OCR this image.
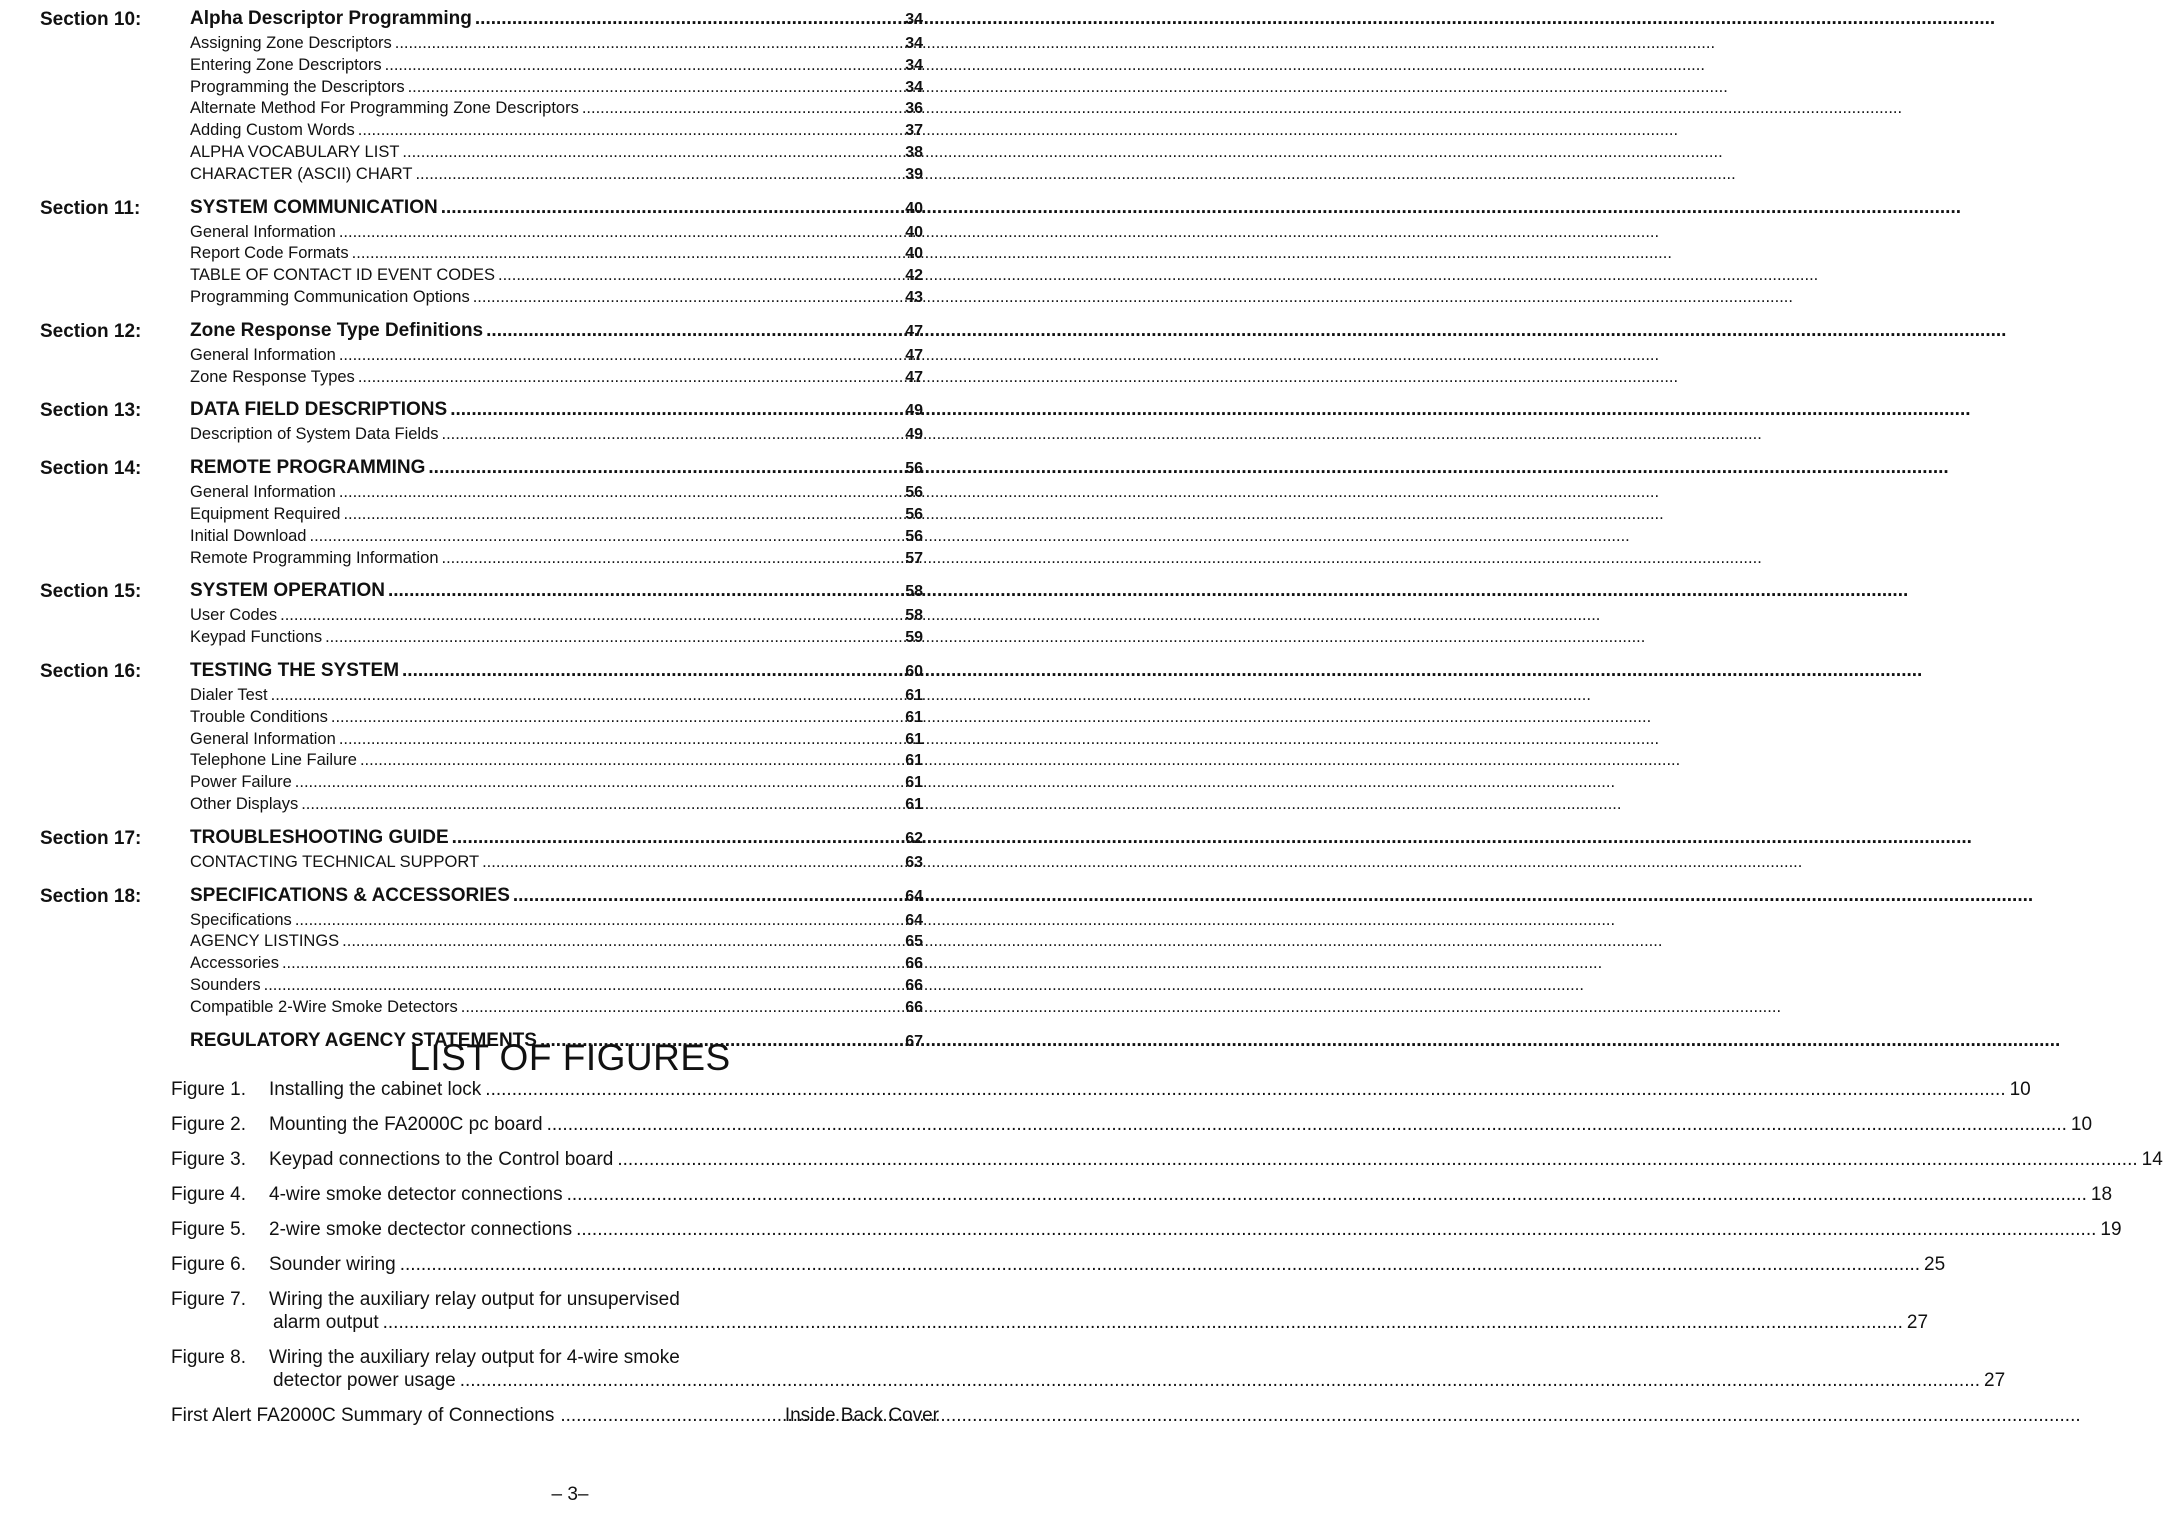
Section 10:	Alpha Descriptor Programming .....	34
Assigning Zone Descriptors .....	34
Entering Zone Descriptors .....	34
Programming the Descriptors .....	34
Alternate Method For Programming Zone Descriptors .....	36
Adding Custom Words .....	37
ALPHA VOCABULARY LIST .....	38
CHARACTER (ASCII) CHART .....	39
Section 11:	SYSTEM COMMUNICATION .....	40
General Information .....	40
Report Code Formats .....	40
TABLE OF CONTACT ID EVENT CODES .....	42
Programming Communication Options .....	43
Section 12:	Zone Response Type Definitions .....	47
General Information .....	47
Zone Response Types .....	47
Section 13:	DATA FIELD DESCRIPTIONS .....	49
Description of System Data Fields .....	49
Section 14:	REMOTE PROGRAMMING .....	56
General Information .....	56
Equipment Required .....	56
Initial Download .....	56
Remote Programming Information .....	57
Section 15:	SYSTEM OPERATION .....	58
User Codes .....	58
Keypad Functions .....	59
Section 16:	TESTING THE SYSTEM .....	60
Dialer Test .....	61
Trouble Conditions .....	61
General Information .....	61
Telephone Line Failure .....	61
Power Failure .....	61
Other Displays .....	61
Section 17:	TROUBLESHOOTING GUIDE .....	62
CONTACTING TECHNICAL SUPPORT .....	63
Section 18:	SPECIFICATIONS & ACCESSORIES .....	64
Specifications .....	64
AGENCY LISTINGS .....	65
Accessories .....	66
Sounders .....	66
Compatible 2-Wire Smoke Detectors .....	66
REGULATORY AGENCY STATEMENTS .....	67
LIST OF FIGURES
Figure 1.	Installing the cabinet lock .....	10
Figure 2.	Mounting the FA2000C pc board .....	10
Figure 3.	Keypad connections to the Control board .....	14
Figure 4.	4-wire smoke detector connections .....	18
Figure 5.	2-wire smoke dectector connections .....	19
Figure 6.	Sounder wiring .....	25
Figure 7.	Wiring the auxiliary relay output for unsupervised
alarm output .....	27
Figure 8.	Wiring the auxiliary relay output for 4-wire smoke
detector power usage .....	27
First Alert FA2000C Summary of Connections .....	Inside Back Cover
– 3–
